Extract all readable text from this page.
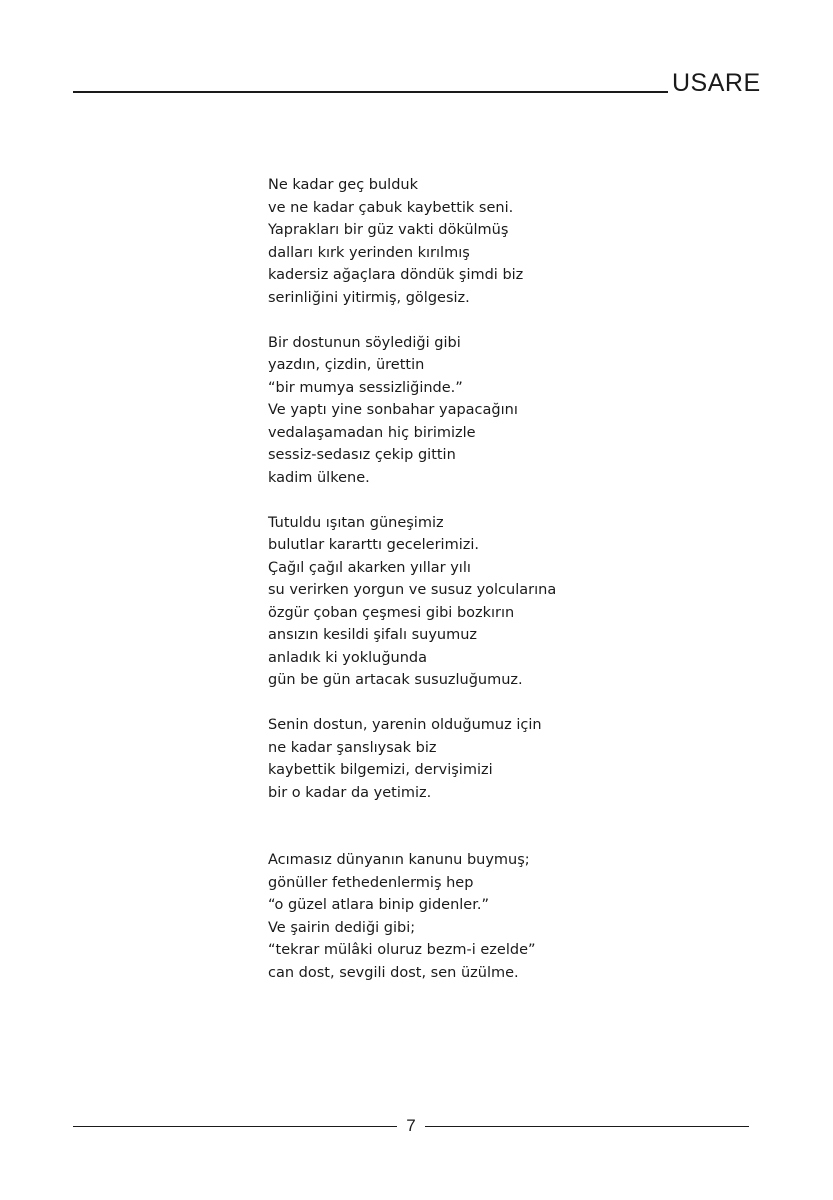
USARE
Ne kadar geç bulduk
ve ne kadar çabuk kaybettik seni.
Yaprakları bir güz vakti dökülmüş
dalları kırk yerinden kırılmış
kadersiz ağaçlara döndük şimdi biz
serinliğini yitirmiş, gölgesiz.
Bir dostunun söylediği gibi
yazdın, çizdin, ürettin
“bir mumya sessizliğinde.”
Ve yaptı yine sonbahar yapacağını
vedalaşamadan hiç birimizle
sessiz-sedasız çekip gittin
kadim ülkene.
Tutuldu ışıtan güneşimiz
bulutlar kararttı gecelerimizi.
Çağıl çağıl akarken yıllar yılı
su verirken yorgun ve susuz yolcularına
özgür çoban çeşmesi gibi bozkırın
ansızın kesildi şifalı suyumuz
anladık ki yokluğunda
gün be gün artacak susuzluğumuz.
Senin dostun, yarenin olduğumuz için
ne kadar şanslıysak biz
kaybettik bilgemizi, dervişimizi
bir o kadar da yetimiz.
Acımasız dünyanın kanunu buymuş;
gönüller fethedenlermiş hep
“o güzel atlara binip gidenler.”
Ve şairin dediği gibi;
“tekrar mülâki oluruz bezm-i ezelde”
can dost, sevgili dost, sen üzülme.
7
